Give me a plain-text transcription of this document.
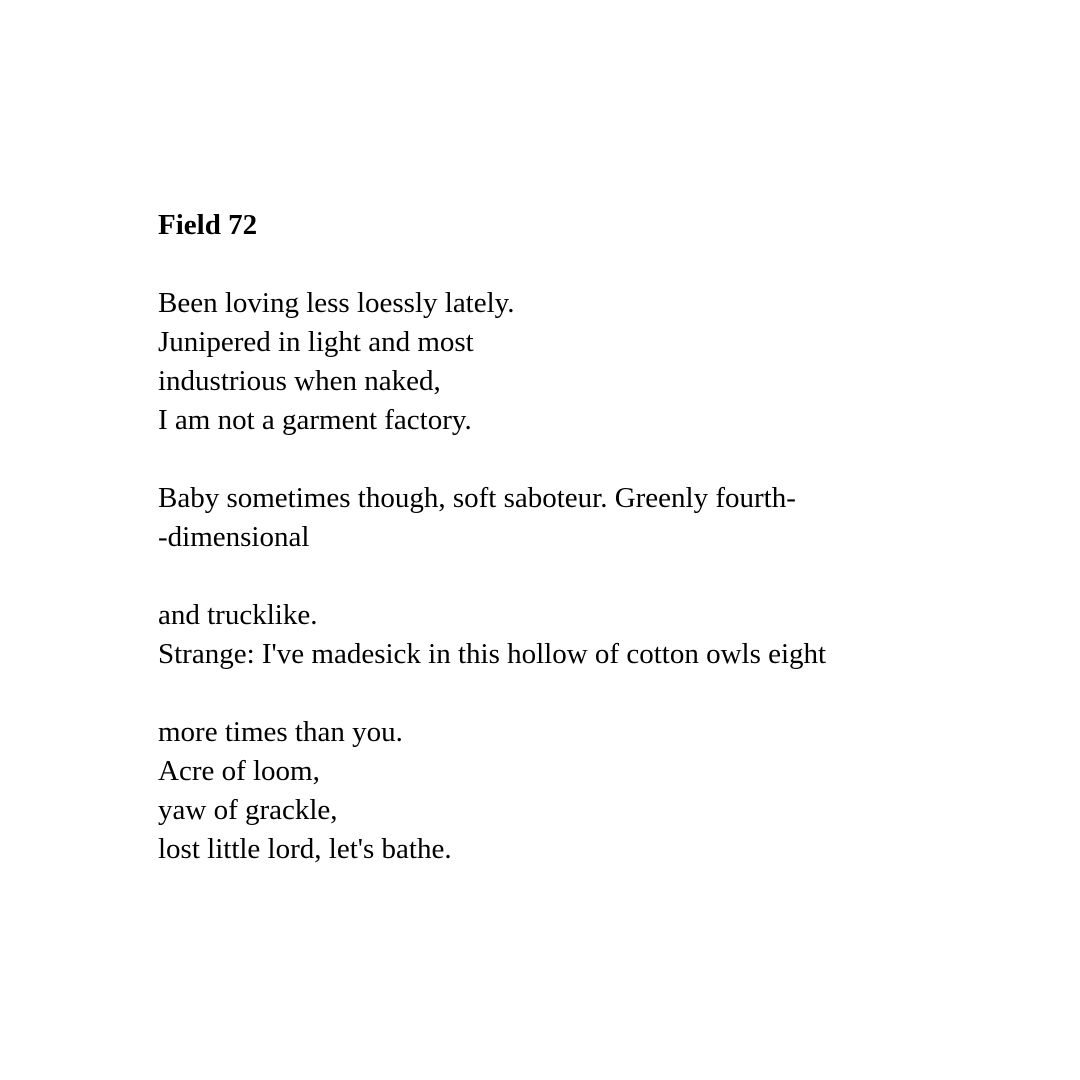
Field 72
Been loving less loessly lately.
Junipered in light and most
industrious when naked,
I am not a garment factory.
Baby sometimes though, soft saboteur. Greenly fourth-
-dimensional
and trucklike.
Strange: I've madesick in this hollow of cotton owls eight
more times than you.
Acre of loom,
yaw of grackle,
lost little lord, let's bathe.
